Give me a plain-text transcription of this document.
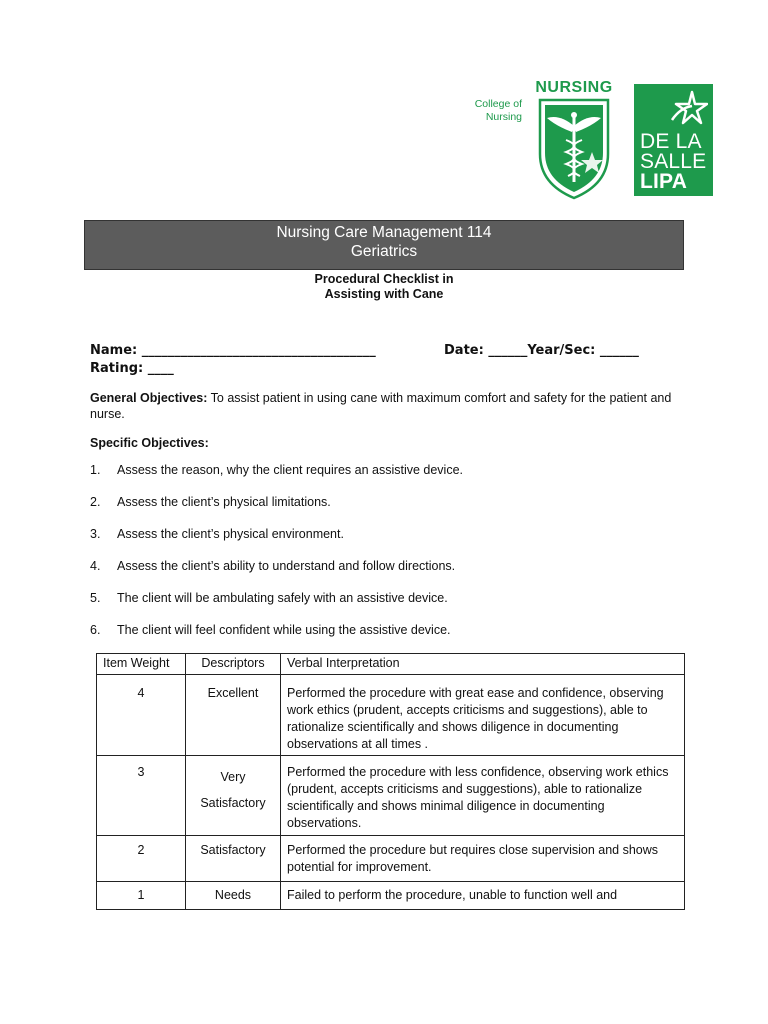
College of
Nursing
NURSING
DE LA
SALLE
LIPA
Nursing Care Management 114
Geriatrics
Procedural Checklist in
Assisting with Cane
Name: ____________________________________	Date: ______Year/Sec: ______
Rating: ____
General Objectives: To assist patient in using cane with maximum comfort and safety for the patient and nurse.
Specific Objectives:
1.	Assess the reason, why the client requires an assistive device.
2.	Assess the client’s physical limitations.
3.	Assess the client’s physical environment.
4.	Assess the client’s ability to understand and follow directions.
5.	The client will be ambulating safely with an assistive device.
6.	The client will feel confident while using the assistive device.
Item Weight	Descriptors	Verbal Interpretation
4	Excellent	Performed the procedure with great ease and confidence, observing work ethics (prudent, accepts criticisms and suggestions), able to rationalize scientifically and shows diligence in documenting observations at all times .
3	Very Satisfactory	Performed the procedure with less confidence, observing work ethics (prudent, accepts criticisms and suggestions), able to rationalize scientifically and shows minimal diligence in documenting observations.
2	Satisfactory	Performed the procedure but requires close supervision and shows potential for improvement.
1	Needs	Failed to perform the procedure, unable to function well and
